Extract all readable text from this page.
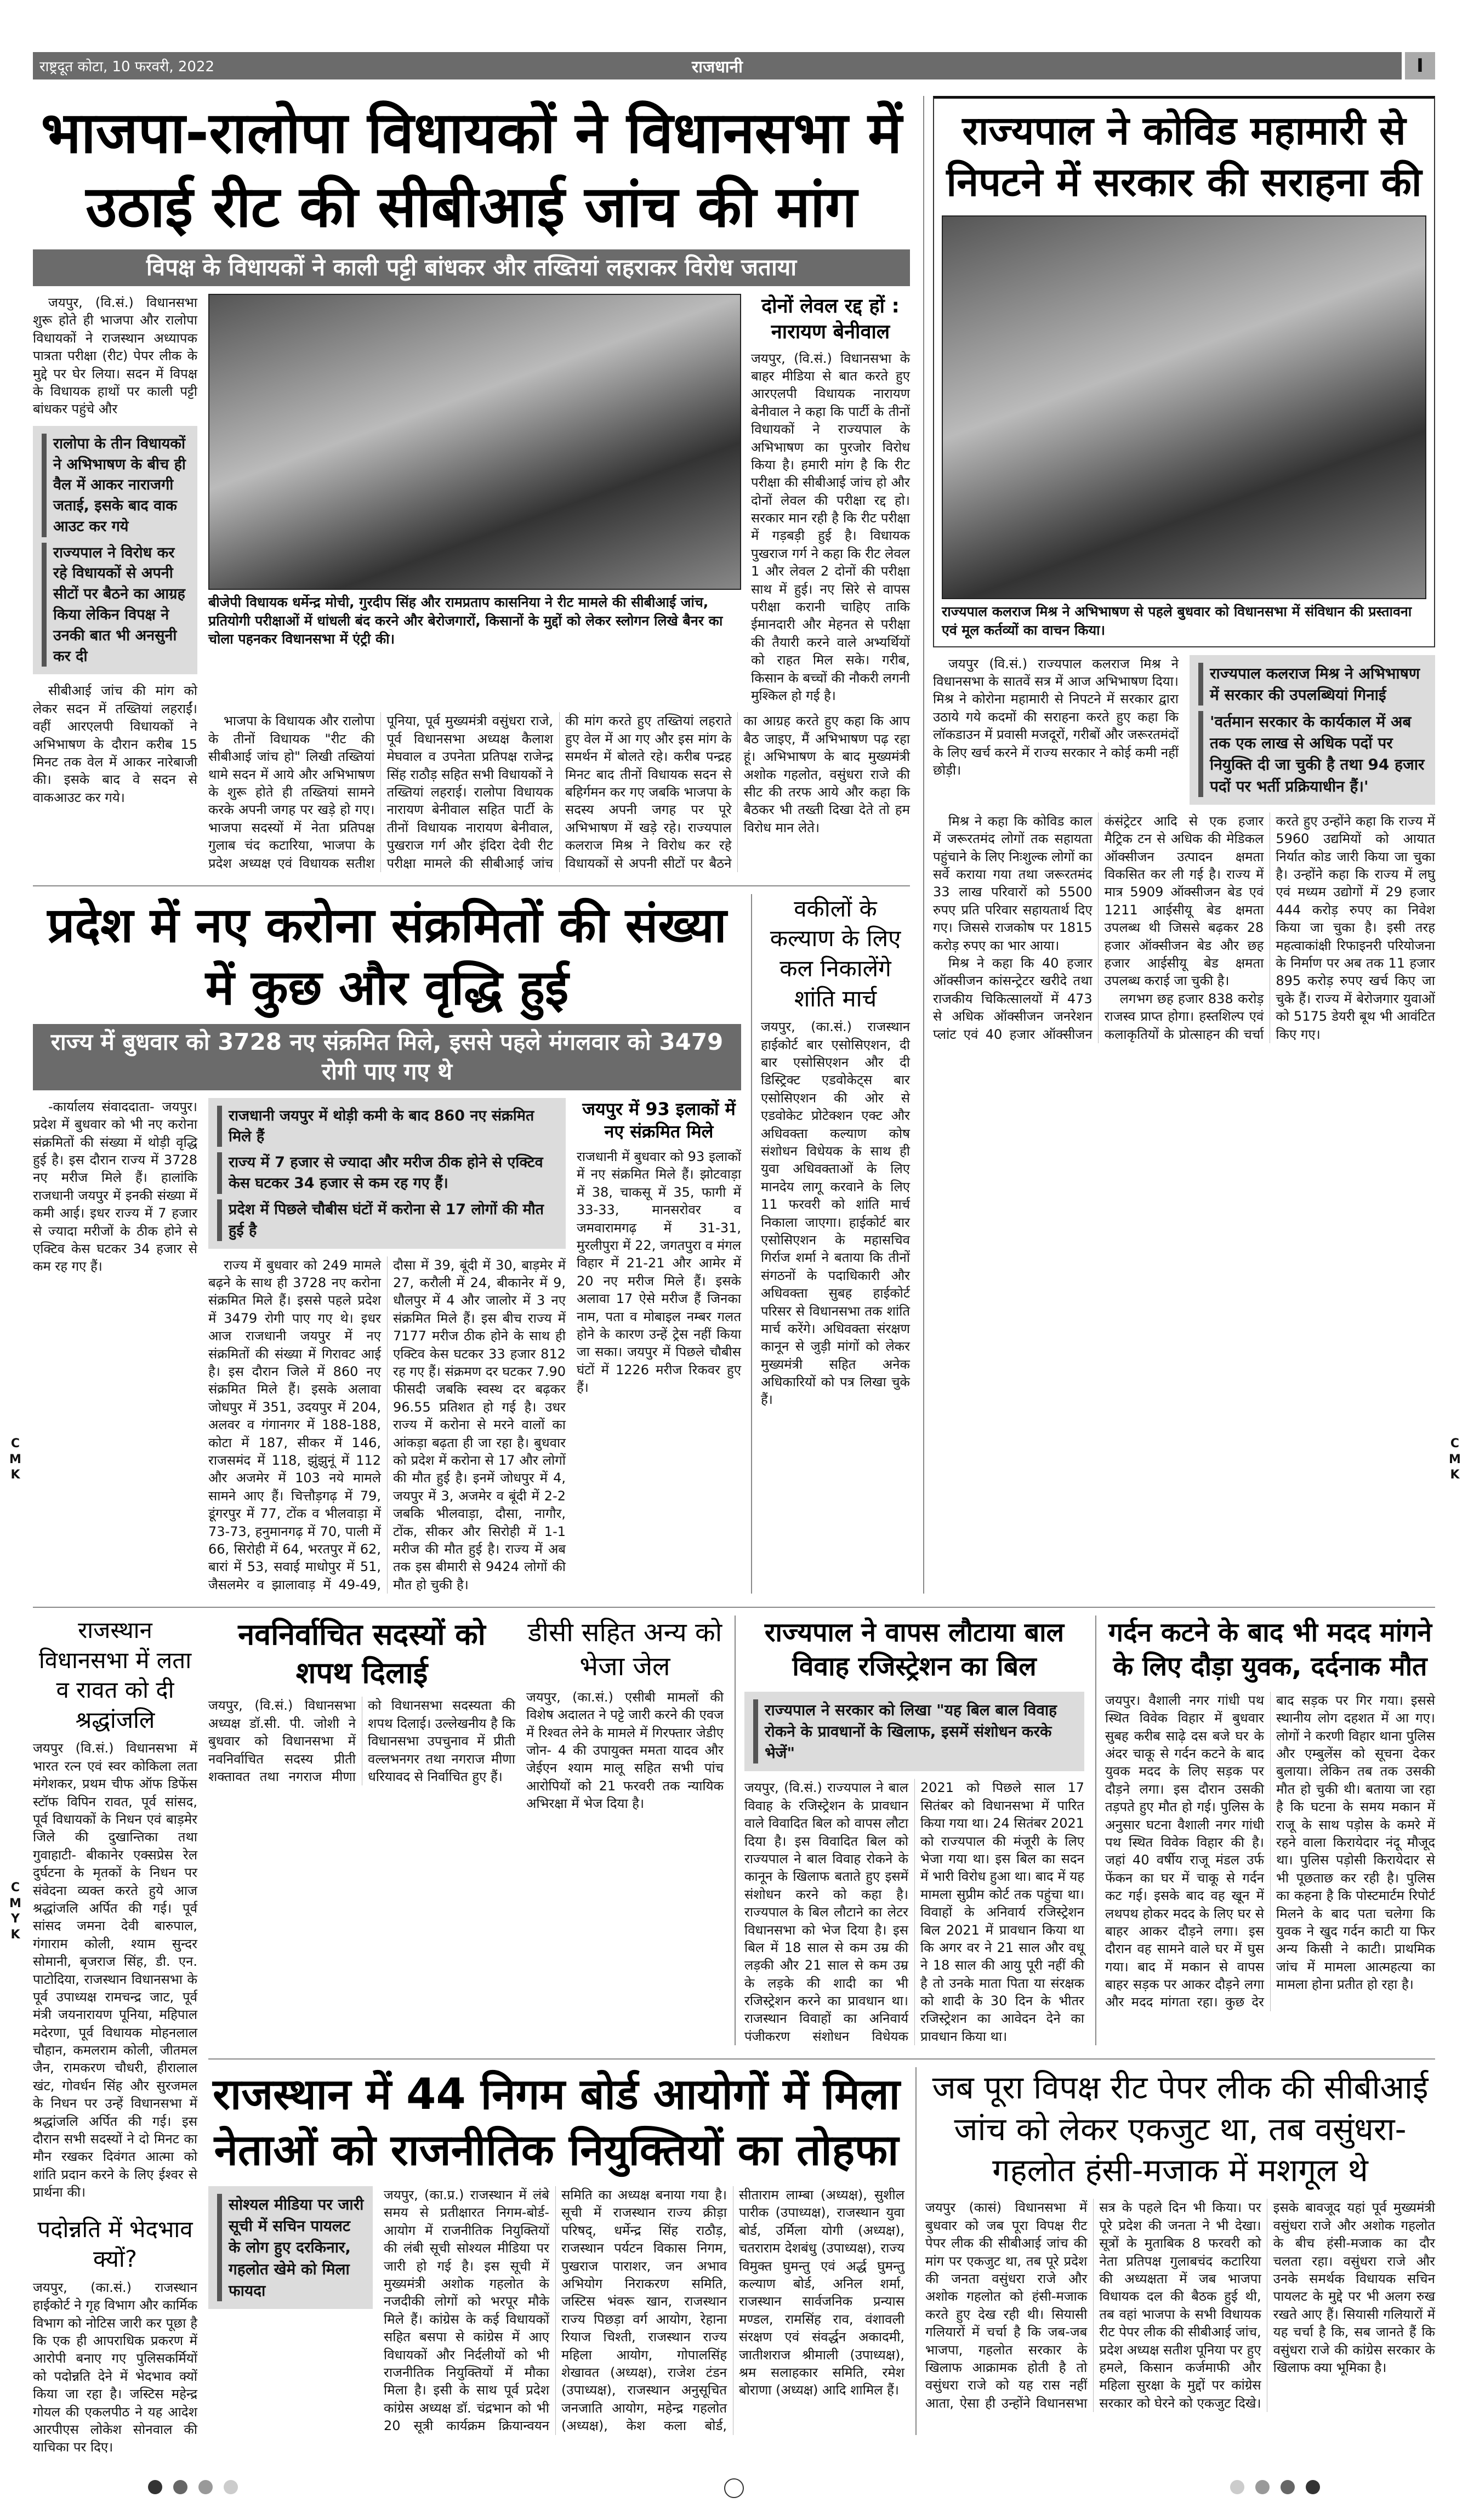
राष्ट्रदूत कोटा, 10 फरवरी, 2022	राजधानी	I
भाजपा-रालोपा विधायकों ने विधानसभा में उठाई रीट की सीबीआई जांच की मांग
विपक्ष के विधायकों ने काली पट्टी बांधकर और तख्तियां लहराकर विरोध जताया

जयपुर, (वि.सं.) विधानसभा शुरू होते ही भाजपा और रालोपा विधायकों ने राजस्थान अध्यापक पात्रता परीक्षा (रीट) पेपर लीक के मुद्दे पर घेर लिया। सदन में विपक्ष के विधायक हाथों पर काली पट्टी बांधकर पहुंचे और

रालोपा के तीन विधायकों ने अभिभाषण के बीच ही वैल में आकर नाराजगी जताई, इसके बाद वाक आउट कर गये
राज्यपाल ने विरोध कर रहे विधायकों से अपनी सीटों पर बैठने का आग्रह किया लेकिन विपक्ष ने उनकी बात भी अनसुनी कर दी

सीबीआई जांच की मांग को लेकर सदन में तख्तियां लहराईं। वहीं आरएलपी विधायकों ने अभिभाषण के दौरान करीब 15 मिनट तक वेल में आकर नारेबाजी की। इसके बाद वे सदन से वाकआउट कर गये।

बीजेपी विधायक धर्मेन्द्र मोची, गुरदीप सिंह और रामप्रताप कासनिया ने रीट मामले की सीबीआई जांच, प्रतियोगी परीक्षाओं में धांधली बंद करने और बेरोजगारों, किसानों के मुद्दों को लेकर स्लोगन लिखे बैनर का चोला पहनकर विधानसभा में एंट्री की।
दोनों लेवल रद्द हों : नारायण बेनीवाल
जयपुर, (वि.सं.) विधानसभा के बाहर मीडिया से बात करते हुए आरएलपी विधायक नारायण बेनीवाल ने कहा कि पार्टी के तीनों विधायकों ने राज्यपाल के अभिभाषण का पुरजोर विरोध किया है। हमारी मांग है कि रीट परीक्षा की सीबीआई जांच हो और दोनों लेवल की परीक्षा रद्द हो। सरकार मान रही है कि रीट परीक्षा में गड़बड़ी हुई है। विधायक पुखराज गर्ग ने कहा कि रीट लेवल 1 और लेवल 2 दोनों की परीक्षा साथ में हुई। नए सिरे से वापस परीक्षा करानी चाहिए ताकि ईमानदारी और मेहनत से परीक्षा की तैयारी करने वाले अभ्यर्थियों को राहत मिल सके। गरीब, किसान के बच्चों की नौकरी लगनी मुश्किल हो गई है।

भाजपा के विधायक और रालोपा के तीनों विधायक "रीट की सीबीआई जांच हो" लिखी तख्तियां थामे सदन में आये और अभिभाषण के शुरू होते ही तख्तियां सामने करके अपनी जगह पर खड़े हो गए। भाजपा सदस्यों में नेता प्रतिपक्ष गुलाब चंद कटारिया, भाजपा के प्रदेश अध्यक्ष एवं विधायक सतीश पूनिया, पूर्व मुख्यमंत्री वसुंधरा राजे, पूर्व विधानसभा अध्यक्ष कैलाश मेघवाल व उपनेता प्रतिपक्ष राजेन्द्र सिंह राठौड़ सहित सभी विधायकों ने तख्तियां लहराई। रालोपा विधायक नारायण बेनीवाल सहित पार्टी के तीनों विधायक नारायण बेनीवाल, पुखराज गर्ग और इंदिरा देवी रीट परीक्षा मामले की सीबीआई जांच की मांग करते हुए तख्तियां लहराते हुए वेल में आ गए और इस मांग के समर्थन में बोलते रहे। करीब पन्द्रह मिनट बाद तीनों विधायक सदन से बहिर्गमन कर गए जबकि भाजपा के सदस्य अपनी जगह पर पूरे अभिभाषण में खड़े रहे। राज्यपाल कलराज मिश्र ने विरोध कर रहे विधायकों से अपनी सीटों पर बैठने का आग्रह करते हुए कहा कि आप बैठ जाइए, मैं अभिभाषण पढ़ रहा हूं। अभिभाषण के बाद मुख्यमंत्री अशोक गहलोत, वसुंधरा राजे की सीट की तरफ आये और कहा कि बैठकर भी तख्ती दिखा देते तो हम विरोध मान लेते।

प्रदेश में नए करोना संक्रमितों की संख्या में कुछ और वृद्धि हुई
राज्य में बुधवार को 3728 नए संक्रमित मिले, इससे पहले मंगलवार को 3479 रोगी पाए गए थे

-कार्यालय संवाददाता- जयपुर। प्रदेश में बुधवार को भी नए करोना संक्रमितों की संख्या में थोड़ी वृद्धि हुई है। इस दौरान राज्य में 3728 नए मरीज मिले हैं। हालांकि राजधानी जयपुर में इनकी संख्या में कमी आई। इधर राज्य में 7 हजार से ज्यादा मरीजों के ठीक होने से एक्टिव केस घटकर 34 हजार से कम रह गए हैं।

राजधानी जयपुर में थोड़ी कमी के बाद 860 नए संक्रमित मिले हैं
राज्य में 7 हजार से ज्यादा और मरीज ठीक होने से एक्टिव केस घटकर 34 हजार से कम रह गए हैं।
प्रदेश में पिछले चौबीस घंटों में करोना से 17 लोगों की मौत हुई है

राज्य में बुधवार को 249 मामले बढ़ने के साथ ही 3728 नए करोना संक्रमित मिले हैं। इससे पहले प्रदेश में 3479 रोगी पाए गए थे। इधर आज राजधानी जयपुर में नए संक्रमितों की संख्या में गिरावट आई है। इस दौरान जिले में 860 नए संक्रमित मिले हैं। इसके अलावा जोधपुर में 351, उदयपुर में 204, अलवर व गंगानगर में 188-188, कोटा में 187, सीकर में 146, राजसमंद में 118, झुंझुनूं में 112 और अजमेर में 103 नये मामले सामने आए हैं। चित्तौड़गढ़ में 79, डूंगरपुर में 77, टोंक व भीलवाड़ा में 73-73, हनुमानगढ़ में 70, पाली में 66, सिरोही में 64, भरतपुर में 62, बारां में 53, सवाई माधोपुर में 51, जैसलमेर व झालावाड़ में 49-49, दौसा में 39, बूंदी में 30, बाड़मेर में 27, करौली में 24, बीकानेर में 9, धौलपुर में 4 और जालोर में 3 नए संक्रमित मिले हैं। इस बीच राज्य में 7177 मरीज ठीक होने के साथ ही एक्टिव केस घटकर 33 हजार 812 रह गए हैं। संक्रमण दर घटकर 7.90 फीसदी जबकि स्वस्थ दर बढ़कर 96.55 प्रतिशत हो गई है। उधर राज्य में करोना से मरने वालों का आंकड़ा बढ़ता ही जा रहा है। बुधवार को प्रदेश में करोना से 17 और लोगों की मौत हुई है। इनमें जोधपुर में 4, जयपुर में 3, अजमेर व बूंदी में 2-2 जबकि भीलवाड़ा, दौसा, नागौर, टोंक, सीकर और सिरोही में 1-1 मरीज की मौत हुई है। राज्य में अब तक इस बीमारी से 9424 लोगों की मौत हो चुकी है।

जयपुर में 93 इलाकों में नए संक्रमित मिले
राजधानी में बुधवार को 93 इलाकों में नए संक्रमित मिले हैं। झोटवाड़ा में 38, चाकसू में 35, फागी में 33-33, मानसरोवर व जमवारामगढ़ में 31-31, मुरलीपुरा में 22, जगतपुरा व मंगल विहार में 21-21 और आमेर में 20 नए मरीज मिले हैं। इसके अलावा 17 ऐसे मरीज हैं जिनका नाम, पता व मोबाइल नम्बर गलत होने के कारण उन्हें ट्रेस नहीं किया जा सका। जयपुर में पिछले चौबीस घंटों में 1226 मरीज रिकवर हुए हैं।
वकीलों के कल्याण के लिए कल निकालेंगे शांति मार्च
जयपुर, (का.सं.) राजस्थान हाईकोर्ट बार एसोसिएशन, दी बार एसोसिएशन और दी डिस्ट्रिक्ट एडवोकेट्स बार एसोसिएशन की ओर से एडवोकेट प्रोटेक्शन एक्ट और अधिवक्ता कल्याण कोष संशोधन विधेयक के साथ ही युवा अधिवक्ताओं के लिए मानदेय लागू करवाने के लिए 11 फरवरी को शांति मार्च निकाला जाएगा। हाईकोर्ट बार एसोसिएशन के महासचिव गिर्राज शर्मा ने बताया कि तीनों संगठनों के पदाधिकारी और अधिवक्ता सुबह हाईकोर्ट परिसर से विधानसभा तक शांति मार्च करेंगे। अधिवक्ता संरक्षण कानून से जुड़ी मांगों को लेकर मुख्यमंत्री सहित अनेक अधिकारियों को पत्र लिखा चुके हैं।
राज्यपाल ने कोविड महामारी से निपटने में सरकार की सराहना की
राज्यपाल कलराज मिश्र ने अभिभाषण से पहले बुधवार को विधानसभा में संविधान की प्रस्तावना एवं मूल कर्तव्यों का वाचन किया।

जयपुर (वि.सं.) राज्यपाल कलराज मिश्र ने विधानसभा के सातवें सत्र में आज अभिभाषण दिया। मिश्र ने कोरोना महामारी से निपटने में सरकार द्वारा उठाये गये कदमों की सराहना करते हुए कहा कि लॉकडाउन में प्रवासी मजदूरों, गरीबों और जरूरतमंदों के लिए खर्च करने में राज्य सरकार ने कोई कमी नहीं छोड़ी।

राज्यपाल कलराज मिश्र ने अभिभाषण में सरकार की उपलब्धियां गिनाई
'वर्तमान सरकार के कार्यकाल में अब तक एक लाख से अधिक पदों पर नियुक्ति दी जा चुकी है तथा 94 हजार पदों पर भर्ती प्रक्रियाधीन हैं।'

मिश्र ने कहा कि कोविड काल में जरूरतमंद लोगों तक सहायता पहुंचाने के लिए निःशुल्क लोगों का सर्वे कराया गया तथा जरूरतमंद 33 लाख परिवारों को 5500 रुपए प्रति परिवार सहायतार्थ दिए गए। जिससे राजकोष पर 1815 करोड़ रुपए का भार आया।

मिश्र ने कहा कि 40 हजार ऑक्सीजन कांसन्ट्रेटर खरीदे तथा राजकीय चिकित्सालयों में 473 से अधिक ऑक्सीजन जनरेशन प्लांट एवं 40 हजार ऑक्सीजन कंसंट्रेटर आदि से एक हजार मैट्रिक टन से अधिक की मेडिकल ऑक्सीजन उत्पादन क्षमता विकसित कर ली गई है। राज्य में मात्र 5909 ऑक्सीजन बेड एवं 1211 आईसीयू बेड क्षमता उपलब्ध थी जिससे बढ़कर 28 हजार ऑक्सीजन बेड और छह हजार आईसीयू बेड क्षमता उपलब्ध कराई जा चुकी है।

लगभग छह हजार 838 करोड़ राजस्व प्राप्त होगा। हस्तशिल्प एवं कलाकृतियों के प्रोत्साहन की चर्चा करते हुए उन्होंने कहा कि राज्य में 5960 उद्यमियों को आयात निर्यात कोड जारी किया जा चुका है। उन्होंने कहा कि राज्य में लघु एवं मध्यम उद्योगों में 29 हजार 444 करोड़ रुपए का निवेश किया जा चुका है। इसी तरह महत्वाकांक्षी रिफाइनरी परियोजना के निर्माण पर अब तक 11 हजार 895 करोड़ रुपए खर्च किए जा चुके हैं। राज्य में बेरोजगार युवाओं को 5175 डेयरी बूथ भी आवंटित किए गए।

राजस्थान विधानसभा में लता व रावत को दी श्रद्धांजलि
जयपुर (वि.सं.) विधानसभा में भारत रत्न एवं स्वर कोकिला लता मंगेशकर, प्रथम चीफ ऑफ डिफेंस स्टॉफ विपिन रावत, पूर्व सांसद, पूर्व विधायकों के निधन एवं बाड़मेर जिले की दुखान्तिका तथा गुवाहाटी- बीकानेर एक्सप्रेस रेल दुर्घटना के मृतकों के निधन पर संवेदना व्यक्त करते हुये आज श्रद्धांजलि अर्पित की गई। पूर्व सांसद जमना देवी बारुपाल, गंगाराम कोली, श्याम सुन्दर सोमानी, बृजराज सिंह, डी. एन. पाटोदिया, राजस्थान विधानसभा के पूर्व उपाध्यक्ष रामचन्द्र जाट, पूर्व मंत्री जयनारायण पूनिया, महिपाल मदेरणा, पूर्व विधायक मोहनलाल चौहान, कमलराम कोली, जीतमल जैन, रामकरण चौधरी, हीरालाल खंट, गोवर्धन सिंह और सुरजमल के निधन पर उन्हें विधानसभा में श्रद्धांजलि अर्पित की गई। इस दौरान सभी सदस्यों ने दो मिनट का मौन रखकर दिवंगत आत्मा को शांति प्रदान करने के लिए ईश्वर से प्रार्थना की।
पदोन्नति में भेदभाव क्यों?
जयपुर, (का.सं.) राजस्थान हाईकोर्ट ने गृह विभाग और कार्मिक विभाग को नोटिस जारी कर पूछा है कि एक ही आपराधिक प्रकरण में आरोपी बनाए गए पुलिसकर्मियों को पदोन्नति देने में भेदभाव क्यों किया जा रहा है। जस्टिस महेन्द्र गोयल की एकलपीठ ने यह आदेश आरपीएस लोकेश सोनवाल की याचिका पर दिए।
नवनिर्वाचित सदस्यों को शपथ दिलाई
जयपुर, (वि.सं.) विधानसभा अध्यक्ष डॉ.सी. पी. जोशी ने बुधवार को विधानसभा में नवनिर्वाचित सदस्य प्रीती शक्तावत तथा नगराज मीणा को विधानसभा सदस्यता की शपथ दिलाई। उल्लेखनीय है कि विधानसभा उपचुनाव में प्रीती वल्लभनगर तथा नगराज मीणा धरियावद से निर्वाचित हुए हैं।
डीसी सहित अन्य को भेजा जेल
जयपुर, (का.सं.) एसीबी मामलों की विशेष अदालत ने पट्टे जारी करने की एवज में रिश्वत लेने के मामले में गिरफ्तार जेडीए जोन- 4 की उपायुक्त ममता यादव और जेईएन श्याम मालू सहित सभी पांच आरोपियों को 21 फरवरी तक न्यायिक अभिरक्षा में भेज दिया है।
राज्यपाल ने वापस लौटाया बाल विवाह रजिस्ट्रेशन का बिल
राज्यपाल ने सरकार को लिखा "यह बिल बाल विवाह रोकने के प्रावधानों के खिलाफ, इसमें संशोधन करके भेजें"
जयपुर, (वि.सं.) राज्यपाल ने बाल विवाह के रजिस्ट्रेशन के प्रावधान वाले विवादित बिल को वापस लौटा दिया है। इस विवादित बिल को राज्यपाल ने बाल विवाह रोकने के कानून के खिलाफ बताते हुए इसमें संशोधन करने को कहा है। राज्यपाल के बिल लौटाने का लेटर विधानसभा को भेज दिया है। इस बिल में 18 साल से कम उम्र की लड़की और 21 साल से कम उम्र के लड़के की शादी का भी रजिस्ट्रेशन करने का प्रावधान था। राजस्थान विवाहों का अनिवार्य पंजीकरण संशोधन विधेयक 2021 को पिछले साल 17 सितंबर को विधानसभा में पारित किया गया था। 24 सितंबर 2021 को राज्यपाल की मंजूरी के लिए भेजा गया था। इस बिल का सदन में भारी विरोध हुआ था। बाद में यह मामला सुप्रीम कोर्ट तक पहुंचा था। विवाहों के अनिवार्य रजिस्ट्रेशन बिल 2021 में प्रावधान किया था कि अगर वर ने 21 साल और वधू ने 18 साल की आयु पूरी नहीं की है तो उनके माता पिता या संरक्षक को शादी के 30 दिन के भीतर रजिस्ट्रेशन का आवेदन देने का प्रावधान किया था।
गर्दन कटने के बाद भी मदद मांगने के लिए दौड़ा युवक, दर्दनाक मौत
जयपुर। वैशाली नगर गांधी पथ स्थित विवेक विहार में बुधवार सुबह करीब साढ़े दस बजे घर के अंदर चाकू से गर्दन कटने के बाद युवक मदद के लिए सड़क पर दौड़ने लगा। इस दौरान उसकी तड़पते हुए मौत हो गई। पुलिस के अनुसार घटना वैशाली नगर गांधी पथ स्थित विवेक विहार की है। जहां 40 वर्षीय राजू मंडल उर्फ फेंकन का घर में चाकू से गर्दन कट गई। इसके बाद वह खून में लथपथ होकर मदद के लिए घर से बाहर आकर दौड़ने लगा। इस दौरान वह सामने वाले घर में घुस गया। बाद में मकान से वापस बाहर सड़क पर आकर दौड़ने लगा और मदद मांगता रहा। कुछ देर बाद सड़क पर गिर गया। इससे स्थानीय लोग दहशत में आ गए। लोगों ने करणी विहार थाना पुलिस और एम्बुलेंस को सूचना देकर बुलाया। लेकिन तब तक उसकी मौत हो चुकी थी। बताया जा रहा है कि घटना के समय मकान में राजू के साथ पड़ोस के कमरे में रहने वाला किरायेदार नंदू मौजूद था। पुलिस पड़ोसी किरायेदार से भी पूछताछ कर रही है। पुलिस का कहना है कि पोस्टमार्टम रिपोर्ट मिलने के बाद पता चलेगा कि युवक ने खुद गर्दन काटी या फिर अन्य किसी ने काटी। प्राथमिक जांच में मामला आत्महत्या का मामला होना प्रतीत हो रहा है।
राजस्थान में 44 निगम बोर्ड आयोगों में मिला नेताओं को राजनीतिक नियुक्तियों का तोहफा
सोश्यल मीडिया पर जारी सूची में सचिन पायलट के लोग हुए दरकिनार, गहलोत खेमे को मिला फायदा
जयपुर, (का.प्र.) राजस्थान में लंबे समय से प्रतीक्षारत निगम-बोर्ड-आयोग में राजनीतिक नियुक्तियों की लंबी सूची सोश्यल मीडिया पर जारी हो गई है। इस सूची में मुख्यमंत्री अशोक गहलोत के नजदीकी लोगों को भरपूर मौके मिले हैं। कांग्रेस के कई विधायकों सहित बसपा से कांग्रेस में आए विधायकों और निर्दलीयों को भी राजनीतिक नियुक्तियों में मौका मिला है। इसी के साथ पूर्व प्रदेश कांग्रेस अध्यक्ष डॉ. चंद्रभान को भी 20 सूत्री कार्यक्रम क्रियान्वयन समिति का अध्यक्ष बनाया गया है। सूची में राजस्थान राज्य क्रीड़ा परिषद्, धर्मेन्द्र सिंह राठौड़, राजस्थान पर्यटन विकास निगम, पुखराज पाराशर, जन अभाव अभियोग निराकरण समिति, जस्टिस भंवरू खान, राजस्थान राज्य पिछड़ा वर्ग आयोग, रेहाना रियाज चिश्ती, राजस्थान राज्य महिला आयोग, गोपालसिंह शेखावत (अध्यक्ष), राजेश टंडन (उपाध्यक्ष), राजस्थान अनुसूचित जनजाति आयोग, महेन्द्र गहलोत (अध्यक्ष), केश कला बोर्ड, सीताराम लाम्बा (अध्यक्ष), सुशील पारीक (उपाध्यक्ष), राजस्थान युवा बोर्ड, उर्मिला योगी (अध्यक्ष), चतराराम देशबंधु (उपाध्यक्ष), राज्य विमुक्त घुमन्तु एवं अर्द्ध घुमन्तु कल्याण बोर्ड, अनिल शर्मा, राजस्थान सार्वजनिक प्रन्यास मण्डल, रामसिंह राव, वंशावली संरक्षण एवं संवर्द्धन अकादमी, जातीशराज श्रीमाली (उपाध्यक्ष), श्रम सलाहकार समिति, रमेश बोराणा (अध्यक्ष) आदि शामिल हैं।
जब पूरा विपक्ष रीट पेपर लीक की सीबीआई जांच को लेकर एकजुट था, तब वसुंधरा-गहलोत हंसी-मजाक में मशगूल थे
जयपुर (कासं) विधानसभा में बुधवार को जब पूरा विपक्ष रीट पेपर लीक की सीबीआई जांच की मांग पर एकजुट था, तब पूरे प्रदेश की जनता वसुंधरा राजे और अशोक गहलोत को हंसी-मजाक करते हुए देख रही थी। सियासी गलियारों में चर्चा है कि जब-जब भाजपा, गहलोत सरकार के खिलाफ आक्रामक होती है तो वसुंधरा राजे को यह रास नहीं आता, ऐसा ही उन्होंने विधानसभा सत्र के पहले दिन भी किया। पर पूरे प्रदेश की जनता ने भी देखा। सूत्रों के मुताबिक 8 फरवरी को नेता प्रतिपक्ष गुलाबचंद कटारिया की अध्यक्षता में जब भाजपा विधायक दल की बैठक हुई थी, तब वहां भाजपा के सभी विधायक रीट पेपर लीक की सीबीआई जांच, प्रदेश अध्यक्ष सतीश पूनिया पर हुए हमले, किसान कर्जमाफी और महिला सुरक्षा के मुद्दों पर कांग्रेस सरकार को घेरने को एकजुट दिखे। इसके बावजूद यहां पूर्व मुख्यमंत्री वसुंधरा राजे और अशोक गहलोत के बीच हंसी-मजाक का दौर चलता रहा। वसुंधरा राजे और उनके समर्थक विधायक सचिन पायलट के मुद्दे पर भी अलग रुख रखते आए हैं। सियासी गलियारों में यह चर्चा है कि, सब जानते हैं कि वसुंधरा राजे की कांग्रेस सरकार के खिलाफ क्या भूमिका है।
C
M
K
C
M
K
C
M
Y
K
